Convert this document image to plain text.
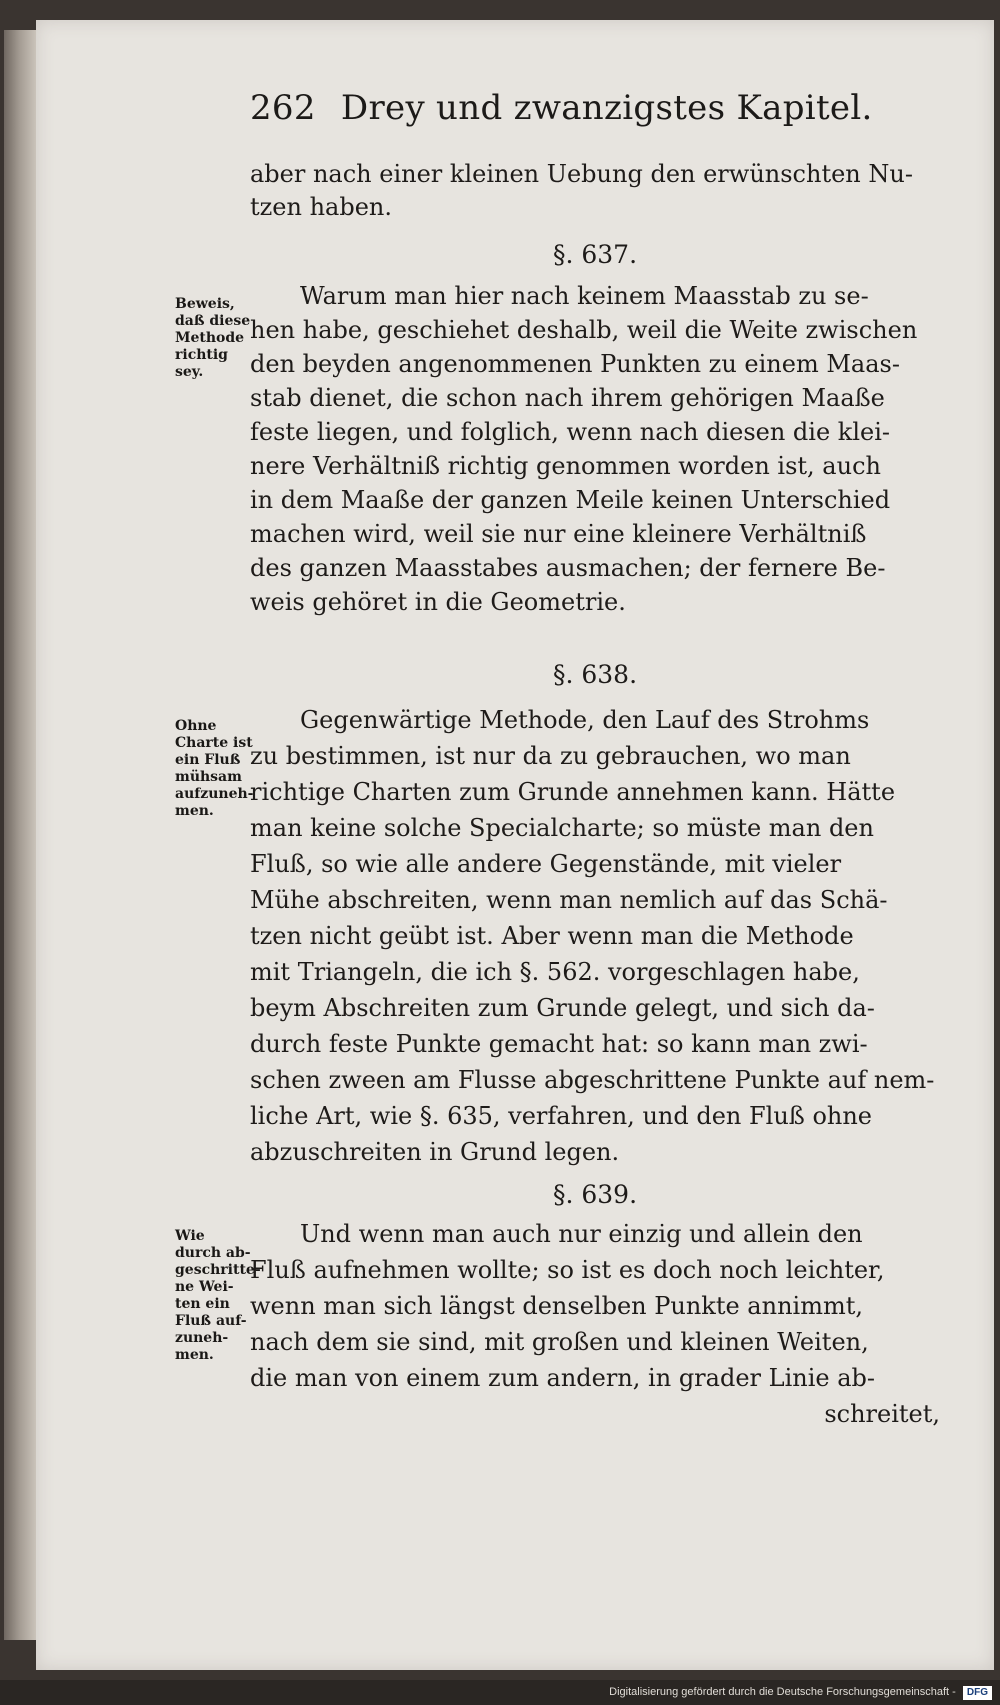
262 Drey und zwanzigstes Kapitel.
aber nach einer kleinen Uebung den erwünschten Nu-
tzen haben.
§. 637.
Beweis,
daß diese
Methode
richtig
sey.
Warum man hier nach keinem Maasstab zu se-
hen habe, geschiehet deshalb, weil die Weite zwischen
den beyden angenommenen Punkten zu einem Maas-
stab dienet, die schon nach ihrem gehörigen Maaße
feste liegen, und folglich, wenn nach diesen die klei-
nere Verhältniß richtig genommen worden ist, auch
in dem Maaße der ganzen Meile keinen Unterschied
machen wird, weil sie nur eine kleinere Verhältniß
des ganzen Maasstabes ausmachen; der fernere Be-
weis gehöret in die Geometrie.
§. 638.
Ohne
Charte ist
ein Fluß
mühsam
aufzuneh-
men.
Gegenwärtige Methode, den Lauf des Strohms
zu bestimmen, ist nur da zu gebrauchen, wo man
richtige Charten zum Grunde annehmen kann. Hätte
man keine solche Specialcharte; so müste man den
Fluß, so wie alle andere Gegenstände, mit vieler
Mühe abschreiten, wenn man nemlich auf das Schä-
tzen nicht geübt ist. Aber wenn man die Methode
mit Triangeln, die ich §. 562. vorgeschlagen habe,
beym Abschreiten zum Grunde gelegt, und sich da-
durch feste Punkte gemacht hat: so kann man zwi-
schen zween am Flusse abgeschrittene Punkte auf nem-
liche Art, wie §. 635, verfahren, und den Fluß ohne
abzuschreiten in Grund legen.
§. 639.
Wie
durch ab-
geschritte-
ne Wei-
ten ein
Fluß auf-
zuneh-
men.
Und wenn man auch nur einzig und allein den
Fluß aufnehmen wollte; so ist es doch noch leichter,
wenn man sich längst denselben Punkte annimmt,
nach dem sie sind, mit großen und kleinen Weiten,
die man von einem zum andern, in grader Linie ab-
schreitet,
Digitalisierung gefördert durch die Deutsche Forschungsgemeinschaft - DFG
